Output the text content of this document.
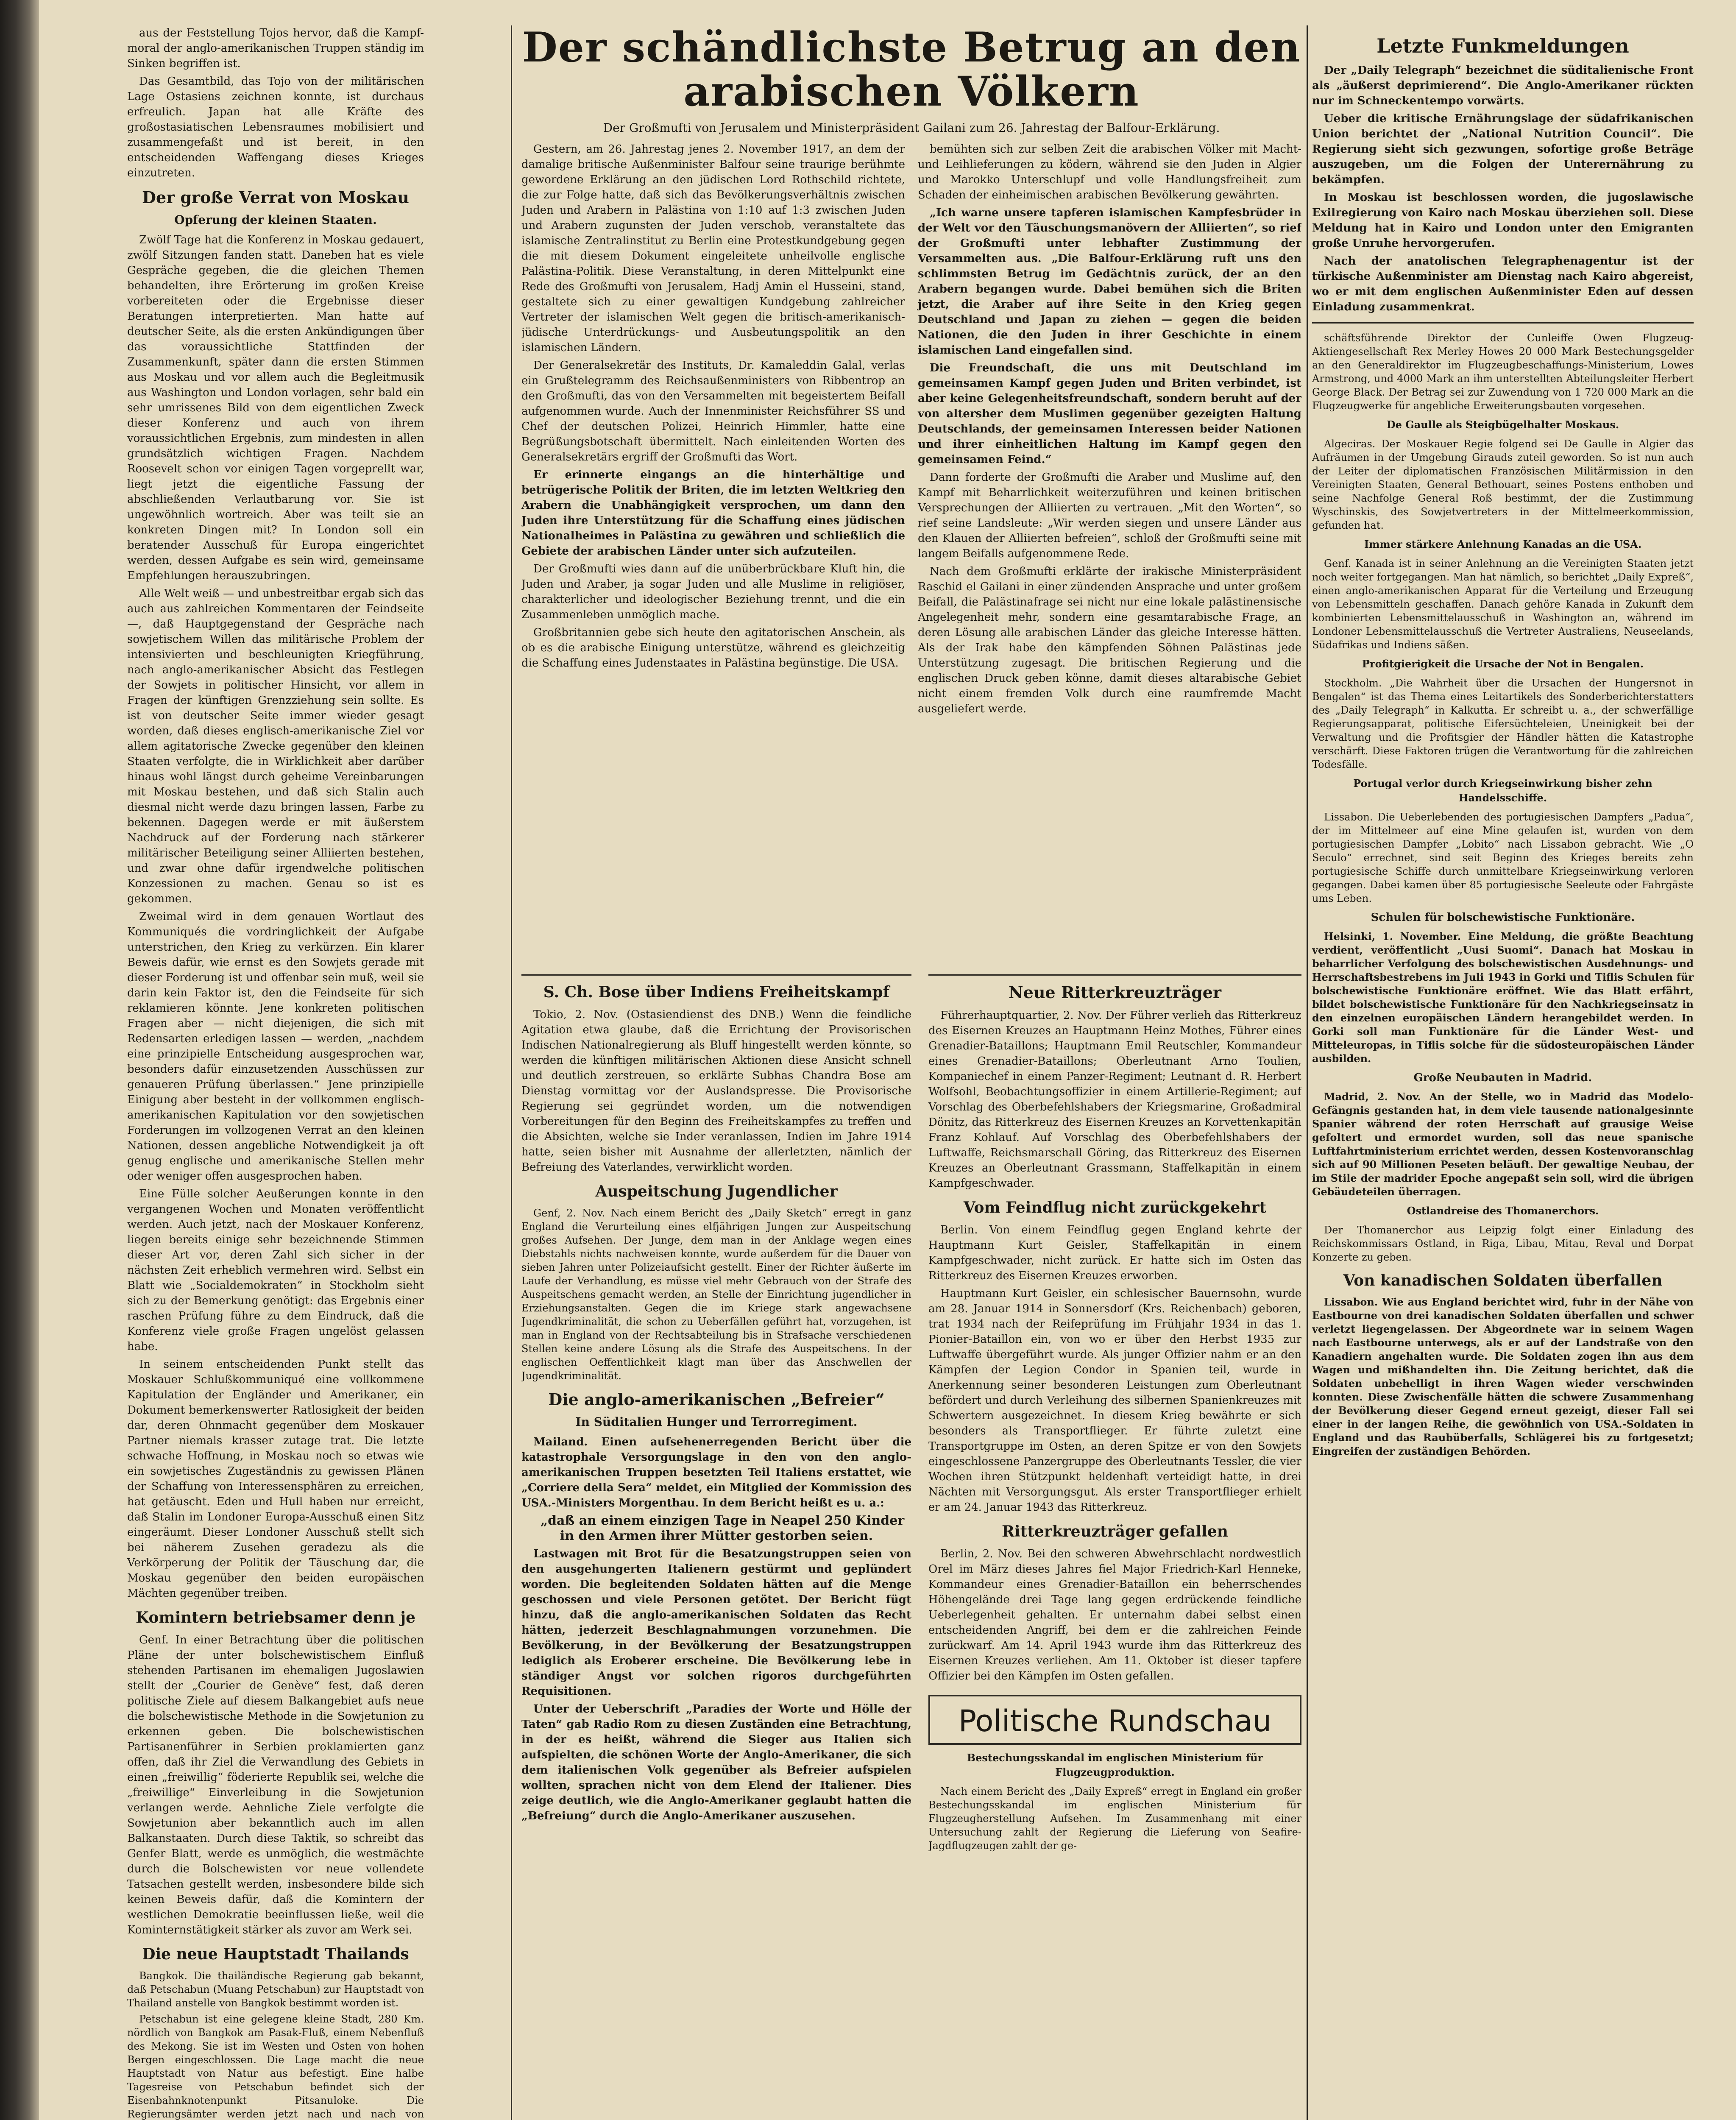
aus der Feststellung Tojos hervor, daß die Kampf-moral der anglo-amerikanischen Truppen ständig im Sinken begriffen ist.

Das Gesamtbild, das Tojo von der militärischen Lage Ostasiens zeichnen konnte, ist durchaus erfreulich. Japan hat alle Kräfte des großostasiatischen Lebensraumes mobilisiert und zusammengefaßt und ist bereit, in den entscheidenden Waffengang dieses Krieges einzutreten.

Der große Verrat von Moskau
Opferung der kleinen Staaten.

Zwölf Tage hat die Konferenz in Moskau gedauert, zwölf Sitzungen fanden statt. Daneben hat es viele Gespräche gegeben, die die gleichen Themen behandelten, ihre Erörterung im großen Kreise vorbereiteten oder die Ergebnisse dieser Beratungen interpretierten. Man hatte auf deutscher Seite, als die ersten Ankündigungen über das voraussichtliche Stattfinden der Zusammenkunft, später dann die ersten Stimmen aus Moskau und vor allem auch die Begleitmusik aus Washington und London vorlagen, sehr bald ein sehr umrissenes Bild von dem eigentlichen Zweck dieser Konferenz und auch von ihrem voraussichtlichen Ergebnis, zum mindesten in allen grundsätzlich wichtigen Fragen. Nachdem Roosevelt schon vor einigen Tagen vorgeprellt war, liegt jetzt die eigentliche Fassung der abschließenden Verlautbarung vor. Sie ist ungewöhnlich wortreich. Aber was teilt sie an konkreten Dingen mit? In London soll ein beratender Ausschuß für Europa eingerichtet werden, dessen Aufgabe es sein wird, gemeinsame Empfehlungen herauszubringen.

Alle Welt weiß — und unbestreitbar ergab sich das auch aus zahlreichen Kommentaren der Feindseite —, daß Hauptgegenstand der Gespräche nach sowjetischem Willen das militärische Problem der intensivierten und beschleunigten Kriegführung, nach anglo-amerikanischer Absicht das Festlegen der Sowjets in politischer Hinsicht, vor allem in Fragen der künftigen Grenzziehung sein sollte. Es ist von deutscher Seite immer wieder gesagt worden, daß dieses englisch-amerikanische Ziel vor allem agitatorische Zwecke gegenüber den kleinen Staaten verfolgte, die in Wirklichkeit aber darüber hinaus wohl längst durch geheime Vereinbarungen mit Moskau bestehen, und daß sich Stalin auch diesmal nicht werde dazu bringen lassen, Farbe zu bekennen. Dagegen werde er mit äußerstem Nachdruck auf der Forderung nach stärkerer militärischer Beteiligung seiner Alliierten bestehen, und zwar ohne dafür irgendwelche politischen Konzessionen zu machen. Genau so ist es gekommen.

Zweimal wird in dem genauen Wortlaut des Kommuniqués die vordringlichkeit der Aufgabe unterstrichen, den Krieg zu verkürzen. Ein klarer Beweis dafür, wie ernst es den Sowjets gerade mit dieser Forderung ist und offenbar sein muß, weil sie darin kein Faktor ist, den die Feindseite für sich reklamieren könnte. Jene konkreten politischen Fragen aber — nicht diejenigen, die sich mit Redensarten erledigen lassen — werden, „nachdem eine prinzipielle Entscheidung ausgesprochen war, besonders dafür einzusetzenden Ausschüssen zur genaueren Prüfung überlassen.“ Jene prinzipielle Einigung aber besteht in der vollkommen englisch-amerikanischen Kapitulation vor den sowjetischen Forderungen im vollzogenen Verrat an den kleinen Nationen, dessen angebliche Notwendigkeit ja oft genug englische und amerikanische Stellen mehr oder weniger offen ausgesprochen haben.

Eine Fülle solcher Aeußerungen konnte in den vergangenen Wochen und Monaten veröffentlicht werden. Auch jetzt, nach der Moskauer Konferenz, liegen bereits einige sehr bezeichnende Stimmen dieser Art vor, deren Zahl sich sicher in der nächsten Zeit erheblich vermehren wird. Selbst ein Blatt wie „Socialdemokraten“ in Stockholm sieht sich zu der Bemerkung genötigt: das Ergebnis einer raschen Prüfung führe zu dem Eindruck, daß die Konferenz viele große Fragen ungelöst gelassen habe.

In seinem entscheidenden Punkt stellt das Moskauer Schlußkommuniqué eine vollkommene Kapitulation der Engländer und Amerikaner, ein Dokument bemerkenswerter Ratlosigkeit der beiden dar, deren Ohnmacht gegenüber dem Moskauer Partner niemals krasser zutage trat. Die letzte schwache Hoffnung, in Moskau noch so etwas wie ein sowjetisches Zugeständnis zu gewissen Plänen der Schaffung von Interessensphären zu erreichen, hat getäuscht. Eden und Hull haben nur erreicht, daß Stalin im Londoner Europa-Ausschuß einen Sitz eingeräumt. Dieser Londoner Ausschuß stellt sich bei näherem Zusehen geradezu als die Verkörperung der Politik der Täuschung dar, die Moskau gegenüber den beiden europäischen Mächten gegenüber treiben.

Komintern betriebsamer denn je

Genf. In einer Betrachtung über die politischen Pläne der unter bolschewistischem Einfluß stehenden Partisanen im ehemaligen Jugoslawien stellt der „Courier de Genève“ fest, daß deren politische Ziele auf diesem Balkangebiet aufs neue die bolschewistische Methode in die Sowjetunion zu erkennen geben. Die bolschewistischen Partisanenführer in Serbien proklamierten ganz offen, daß ihr Ziel die Verwandlung des Gebiets in einen „freiwillig“ föderierte Republik sei, welche die „freiwillige“ Einverleibung in die Sowjetunion verlangen werde. Aehnliche Ziele verfolgte die Sowjetunion aber bekanntlich auch im allen Balkanstaaten. Durch diese Taktik, so schreibt das Genfer Blatt, werde es unmöglich, die westmächte durch die Bolschewisten vor neue vollendete Tatsachen gestellt werden, insbesondere bilde sich keinen Beweis dafür, daß die Komintern der westlichen Demokratie beeinflussen ließe, weil die Kominternstätigkeit stärker als zuvor am Werk sei.

Die neue Hauptstadt Thailands

Bangkok. Die thailändische Regierung gab bekannt, daß Petschabun (Muang Petschabun) zur Hauptstadt von Thailand anstelle von Bangkok bestimmt worden ist.

Petschabun ist eine gelegene kleine Stadt, 280 Km. nördlich von Bangkok am Pasak-Fluß, einem Nebenfluß des Mekong. Sie ist im Westen und Osten von hohen Bergen eingeschlossen. Die Lage macht die neue Hauptstadt von Natur aus befestigt. Eine halbe Tagesreise von Petschabun befindet sich der Eisenbahnknotenpunkt Pitsanuloke. Die Regierungsämter werden jetzt nach und nach von

Der schändlichste Betrug an den arabischen Völkern
Der Großmufti von Jerusalem und Ministerpräsident Gailani zum 26. Jahrestag der Balfour-Erklärung.

Gestern, am 26. Jahrestag jenes 2. November 1917, an dem der damalige britische Außenminister Balfour seine traurige berühmte gewordene Erklärung an den jüdischen Lord Rothschild richtete, die zur Folge hatte, daß sich das Bevölkerungsverhältnis zwischen Juden und Arabern in Palästina von 1:10 auf 1:3 zwischen Juden und Arabern zugunsten der Juden verschob, veranstaltete das islamische Zentralinstitut zu Berlin eine Protestkundgebung gegen die mit diesem Dokument eingeleitete unheilvolle englische Palästina-Politik. Diese Veranstaltung, in deren Mittelpunkt eine Rede des Großmufti von Jerusalem, Hadj Amin el Husseini, stand, gestaltete sich zu einer gewaltigen Kundgebung zahlreicher Vertreter der islamischen Welt gegen die britisch-amerikanisch-jüdische Unterdrückungs- und Ausbeutungspolitik an den islamischen Ländern.

Der Generalsekretär des Instituts, Dr. Kamaleddin Galal, verlas ein Grußtelegramm des Reichsaußenministers von Ribbentrop an den Großmufti, das von den Versammelten mit begeistertem Beifall aufgenommen wurde. Auch der Innenminister Reichsführer SS und Chef der deutschen Polizei, Heinrich Himmler, hatte eine Begrüßungsbotschaft übermittelt. Nach einleitenden Worten des Generalsekretärs ergriff der Großmufti das Wort.

Er erinnerte eingangs an die hinterhältige und betrügerische Politik der Briten, die im letzten Weltkrieg den Arabern die Unabhängigkeit versprochen, um dann den Juden ihre Unterstützung für die Schaffung eines jüdischen Nationalheimes in Palästina zu gewähren und schließlich die Gebiete der arabischen Länder unter sich aufzuteilen.

Der Großmufti wies dann auf die unüberbrückbare Kluft hin, die Juden und Araber, ja sogar Juden und alle Muslime in religiöser, charakterlicher und ideologischer Beziehung trennt, und die ein Zusammenleben unmöglich mache.

Großbritannien gebe sich heute den agitatorischen Anschein, als ob es die arabische Einigung unterstütze, während es gleichzeitig die Schaffung eines Judenstaates in Palästina begünstige. Die USA.

bemühten sich zur selben Zeit die arabischen Völker mit Macht- und Leihlieferungen zu ködern, während sie den Juden in Algier und Marokko Unterschlupf und volle Handlungsfreiheit zum Schaden der einheimischen arabischen Bevölkerung gewährten.

„Ich warne unsere tapferen islamischen Kampfesbrüder in der Welt vor den Täuschungsmanövern der Alliierten“, so rief der Großmufti unter lebhafter Zustimmung der Versammelten aus. „Die Balfour-Erklärung ruft uns den schlimmsten Betrug im Gedächtnis zurück, der an den Arabern begangen wurde. Dabei bemühen sich die Briten jetzt, die Araber auf ihre Seite in den Krieg gegen Deutschland und Japan zu ziehen — gegen die beiden Nationen, die den Juden in ihrer Geschichte in einem islamischen Land eingefallen sind.

Die Freundschaft, die uns mit Deutschland im gemeinsamen Kampf gegen Juden und Briten verbindet, ist aber keine Gelegenheitsfreundschaft, sondern beruht auf der von altersher dem Muslimen gegenüber gezeigten Haltung Deutschlands, der gemeinsamen Interessen beider Nationen und ihrer einheitlichen Haltung im Kampf gegen den gemeinsamen Feind.“

Dann forderte der Großmufti die Araber und Muslime auf, den Kampf mit Beharrlichkeit weiterzuführen und keinen britischen Versprechungen der Alliierten zu vertrauen. „Mit den Worten“, so rief seine Landsleute: „Wir werden siegen und unsere Länder aus den Klauen der Alliierten befreien“, schloß der Großmufti seine mit langem Beifalls aufgenommene Rede.

Nach dem Großmufti erklärte der irakische Ministerpräsident Raschid el Gailani in einer zündenden Ansprache und unter großem Beifall, die Palästinafrage sei nicht nur eine lokale palästinensische Angelegenheit mehr, sondern eine gesamtarabische Frage, an deren Lösung alle arabischen Länder das gleiche Interesse hätten. Als der Irak habe den kämpfenden Söhnen Palästinas jede Unterstützung zugesagt. Die britischen Regierung und die englischen Druck geben könne, damit dieses altarabische Gebiet nicht einem fremden Volk durch eine raumfremde Macht ausgeliefert werde.

S. Ch. Bose über Indiens Freiheitskampf

Tokio, 2. Nov. (Ostasiendienst des DNB.) Wenn die feindliche Agitation etwa glaube, daß die Errichtung der Provisorischen Indischen Nationalregierung als Bluff hingestellt werden könnte, so werden die künftigen militärischen Aktionen diese Ansicht schnell und deutlich zerstreuen, so erklärte Subhas Chandra Bose am Dienstag vormittag vor der Auslandspresse. Die Provisorische Regierung sei gegründet worden, um die notwendigen Vorbereitungen für den Beginn des Freiheitskampfes zu treffen und die Absichten, welche sie Inder veranlassen, Indien im Jahre 1914 hatte, seien bisher mit Ausnahme der allerletzten, nämlich der Befreiung des Vaterlandes, verwirklicht worden.

Auspeitschung Jugendlicher

Genf, 2. Nov. Nach einem Bericht des „Daily Sketch“ erregt in ganz England die Verurteilung eines elfjährigen Jungen zur Auspeitschung großes Aufsehen. Der Junge, dem man in der Anklage wegen eines Diebstahls nichts nachweisen konnte, wurde außerdem für die Dauer von sieben Jahren unter Polizeiaufsicht gestellt. Einer der Richter äußerte im Laufe der Verhandlung, es müsse viel mehr Gebrauch von der Strafe des Auspeitschens gemacht werden, an Stelle der Einrichtung jugendlicher in Erziehungsanstalten. Gegen die im Kriege stark angewachsene Jugendkriminalität, die schon zu Ueberfällen geführt hat, vorzugehen, ist man in England von der Rechtsabteilung bis in Strafsache verschiedenen Stellen keine andere Lösung als die Strafe des Auspeitschens. In der englischen Oeffentlichkeit klagt man über das Anschwellen der Jugendkriminalität.

Die anglo-amerikanischen „Befreier“
In Süditalien Hunger und Terrorregiment.

Mailand. Einen aufsehenerregenden Bericht über die katastrophale Versorgungslage in den von den anglo-amerikanischen Truppen besetzten Teil Italiens erstattet, wie „Corriere della Sera“ meldet, ein Mitglied der Kommission des USA.-Ministers Morgenthau. In dem Bericht heißt es u. a.:

„daß an einem einzigen Tage in Neapel 250 Kinder in den Armen ihrer Mütter gestorben seien.

Lastwagen mit Brot für die Besatzungstruppen seien von den ausgehungerten Italienern gestürmt und geplündert worden. Die begleitenden Soldaten hätten auf die Menge geschossen und viele Personen getötet. Der Bericht fügt hinzu, daß die anglo-amerikanischen Soldaten das Recht hätten, jederzeit Beschlagnahmungen vorzunehmen. Die Bevölkerung, in der Bevölkerung der Besatzungstruppen lediglich als Eroberer erscheine. Die Bevölkerung lebe in ständiger Angst vor solchen rigoros durchgeführten Requisitionen.

Unter der Ueberschrift „Paradies der Worte und Hölle der Taten“ gab Radio Rom zu diesen Zuständen eine Betrachtung, in der es heißt, während die Sieger aus Italien sich aufspielten, die schönen Worte der Anglo-Amerikaner, die sich dem italienischen Volk gegenüber als Befreier aufspielen wollten, sprachen nicht von dem Elend der Italiener. Dies zeige deutlich, wie die Anglo-Amerikaner geglaubt hatten die „Befreiung“ durch die Anglo-Amerikaner auszusehen.

Neue Ritterkreuzträger

Führerhauptquartier, 2. Nov. Der Führer verlieh das Ritterkreuz des Eisernen Kreuzes an Hauptmann Heinz Mothes, Führer eines Grenadier-Bataillons; Hauptmann Emil Reutschler, Kommandeur eines Grenadier-Bataillons; Oberleutnant Arno Toulien, Kompaniechef in einem Panzer-Regiment; Leutnant d. R. Herbert Wolfsohl, Beobachtungsoffizier in einem Artillerie-Regiment; auf Vorschlag des Oberbefehlshabers der Kriegsmarine, Großadmiral Dönitz, das Ritterkreuz des Eisernen Kreuzes an Korvettenkapitän Franz Kohlauf. Auf Vorschlag des Oberbefehlshabers der Luftwaffe, Reichsmarschall Göring, das Ritterkreuz des Eisernen Kreuzes an Oberleutnant Grassmann, Staffelkapitän in einem Kampfgeschwader.

Vom Feindflug nicht zurückgekehrt

Berlin. Von einem Feindflug gegen England kehrte der Hauptmann Kurt Geisler, Staffelkapitän in einem Kampfgeschwader, nicht zurück. Er hatte sich im Osten das Ritterkreuz des Eisernen Kreuzes erworben.

Hauptmann Kurt Geisler, ein schlesischer Bauernsohn, wurde am 28. Januar 1914 in Sonnersdorf (Krs. Reichenbach) geboren, trat 1934 nach der Reifeprüfung im Frühjahr 1934 in das 1. Pionier-Bataillon ein, von wo er über den Herbst 1935 zur Luftwaffe übergeführt wurde. Als junger Offizier nahm er an den Kämpfen der Legion Condor in Spanien teil, wurde in Anerkennung seiner besonderen Leistungen zum Oberleutnant befördert und durch Verleihung des silbernen Spanienkreuzes mit Schwertern ausgezeichnet. In diesem Krieg bewährte er sich besonders als Transportflieger. Er führte zuletzt eine Transportgruppe im Osten, an deren Spitze er von den Sowjets eingeschlossene Panzergruppe des Oberleutnants Tessler, die vier Wochen ihren Stützpunkt heldenhaft verteidigt hatte, in drei Nächten mit Versorgungsgut. Als erster Transportflieger erhielt er am 24. Januar 1943 das Ritterkreuz.

Ritterkreuzträger gefallen

Berlin, 2. Nov. Bei den schweren Abwehrschlacht nordwestlich Orel im März dieses Jahres fiel Major Friedrich-Karl Henneke, Kommandeur eines Grenadier-Bataillon ein beherrschendes Höhengelände drei Tage lang gegen erdrückende feindliche Ueberlegenheit gehalten. Er unternahm dabei selbst einen entscheidenden Angriff, bei dem er die zahlreichen Feinde zurückwarf. Am 14. April 1943 wurde ihm das Ritterkreuz des Eisernen Kreuzes verliehen. Am 11. Oktober ist dieser tapfere Offizier bei den Kämpfen im Osten gefallen.

Politische Rundschau
Bestechungsskandal im englischen Ministerium für Flugzeugproduktion.

Nach einem Bericht des „Daily Expreß“ erregt in England ein großer Bestechungsskandal im englischen Ministerium für Flugzeugherstellung Aufsehen. Im Zusammenhang mit einer Untersuchung zahlt der Regierung die Lieferung von Seafire-Jagdflugzeugen zahlt der ge-

Letzte Funkmeldungen

Der „Daily Telegraph“ bezeichnet die süditalienische Front als „äußerst deprimierend“. Die Anglo-Amerikaner rückten nur im Schneckentempo vorwärts.

Ueber die kritische Ernährungslage der südafrikanischen Union berichtet der „National Nutrition Council“. Die Regierung sieht sich gezwungen, sofortige große Beträge auszugeben, um die Folgen der Unterernährung zu bekämpfen.

In Moskau ist beschlossen worden, die jugoslawische Exilregierung von Kairo nach Moskau überziehen soll. Diese Meldung hat in Kairo und London unter den Emigranten große Unruhe hervorgerufen.

Nach der anatolischen Telegraphenagentur ist der türkische Außenminister am Dienstag nach Kairo abgereist, wo er mit dem englischen Außenminister Eden auf dessen Einladung zusammenkrat.

schäftsführende Direktor der Cunleiffe Owen Flugzeug-Aktiengesellschaft Rex Merley Howes 20 000 Mark Bestechungsgelder an den Generaldirektor im Flugzeugbeschaffungs-Ministerium, Lowes Armstrong, und 4000 Mark an ihm unterstellten Abteilungsleiter Herbert George Black. Der Betrag sei zur Zuwendung von 1 720 000 Mark an die Flugzeugwerke für angebliche Erweiterungsbauten vorgesehen.

De Gaulle als Steigbügelhalter Moskaus.

Algeciras. Der Moskauer Regie folgend sei De Gaulle in Algier das Aufräumen in der Umgebung Girauds zuteil geworden. So ist nun auch der Leiter der diplomatischen Französischen Militärmission in den Vereinigten Staaten, General Bethouart, seines Postens enthoben und seine Nachfolge General Roß bestimmt, der die Zustimmung Wyschinskis, des Sowjetvertreters in der Mittelmeerkommission, gefunden hat.

Immer stärkere Anlehnung Kanadas an die USA.

Genf. Kanada ist in seiner Anlehnung an die Vereinigten Staaten jetzt noch weiter fortgegangen. Man hat nämlich, so berichtet „Daily Expreß“, einen anglo-amerikanischen Apparat für die Verteilung und Erzeugung von Lebensmitteln geschaffen. Danach gehöre Kanada in Zukunft dem kombinierten Lebensmittelausschuß in Washington an, während im Londoner Lebensmittelausschuß die Vertreter Australiens, Neuseelands, Südafrikas und Indiens säßen.

Profitgierigkeit die Ursache der Not in Bengalen.

Stockholm. „Die Wahrheit über die Ursachen der Hungersnot in Bengalen“ ist das Thema eines Leitartikels des Sonderberichterstatters des „Daily Telegraph“ in Kalkutta. Er schreibt u. a., der schwerfällige Regierungsapparat, politische Eifersüchteleien, Uneinigkeit bei der Verwaltung und die Profitsgier der Händler hätten die Katastrophe verschärft. Diese Faktoren trügen die Verantwortung für die zahlreichen Todesfälle.

Portugal verlor durch Kriegseinwirkung bisher zehn Handelsschiffe.

Lissabon. Die Ueberlebenden des portugiesischen Dampfers „Padua“, der im Mittelmeer auf eine Mine gelaufen ist, wurden von dem portugiesischen Dampfer „Lobito“ nach Lissabon gebracht. Wie „O Seculo“ errechnet, sind seit Beginn des Krieges bereits zehn portugiesische Schiffe durch unmittelbare Kriegseinwirkung verloren gegangen. Dabei kamen über 85 portugiesische Seeleute oder Fahrgäste ums Leben.

Schulen für bolschewistische Funktionäre.

Helsinki, 1. November. Eine Meldung, die größte Beachtung verdient, veröffentlicht „Uusi Suomi“. Danach hat Moskau in beharrlicher Verfolgung des bolschewistischen Ausdehnungs- und Herrschaftsbestrebens im Juli 1943 in Gorki und Tiflis Schulen für bolschewistische Funktionäre eröffnet. Wie das Blatt erfährt, bildet bolschewistische Funktionäre für den Nachkriegseinsatz in den einzelnen europäischen Ländern herangebildet werden. In Gorki soll man Funktionäre für die Länder West- und Mitteleuropas, in Tiflis solche für die südosteuropäischen Länder ausbilden.

Große Neubauten in Madrid.

Madrid, 2. Nov. An der Stelle, wo in Madrid das Modelo-Gefängnis gestanden hat, in dem viele tausende nationalgesinnte Spanier während der roten Herrschaft auf grausige Weise gefoltert und ermordet wurden, soll das neue spanische Luftfahrtministerium errichtet werden, dessen Kostenvoranschlag sich auf 90 Millionen Peseten beläuft. Der gewaltige Neubau, der im Stile der madrider Epoche angepaßt sein soll, wird die übrigen Gebäudeteilen überragen.

Ostlandreise des Thomanerchors.

Der Thomanerchor aus Leipzig folgt einer Einladung des Reichskommissars Ostland, in Riga, Libau, Mitau, Reval und Dorpat Konzerte zu geben.

Von kanadischen Soldaten überfallen

Lissabon. Wie aus England berichtet wird, fuhr in der Nähe von Eastbourne von drei kanadischen Soldaten überfallen und schwer verletzt liegengelassen. Der Abgeordnete war in seinem Wagen nach Eastbourne unterwegs, als er auf der Landstraße von den Kanadiern angehalten wurde. Die Soldaten zogen ihn aus dem Wagen und mißhandelten ihn. Die Zeitung berichtet, daß die Soldaten unbehelligt in ihren Wagen wieder verschwinden konnten. Diese Zwischenfälle hätten die schwere Zusammenhang der Bevölkerung dieser Gegend erneut gezeigt, dieser Fall sei einer in der langen Reihe, die gewöhnlich von USA.-Soldaten in England und das Raubüberfalls, Schlägerei bis zu fortgesetzt; Eingreifen der zuständigen Behörden.
